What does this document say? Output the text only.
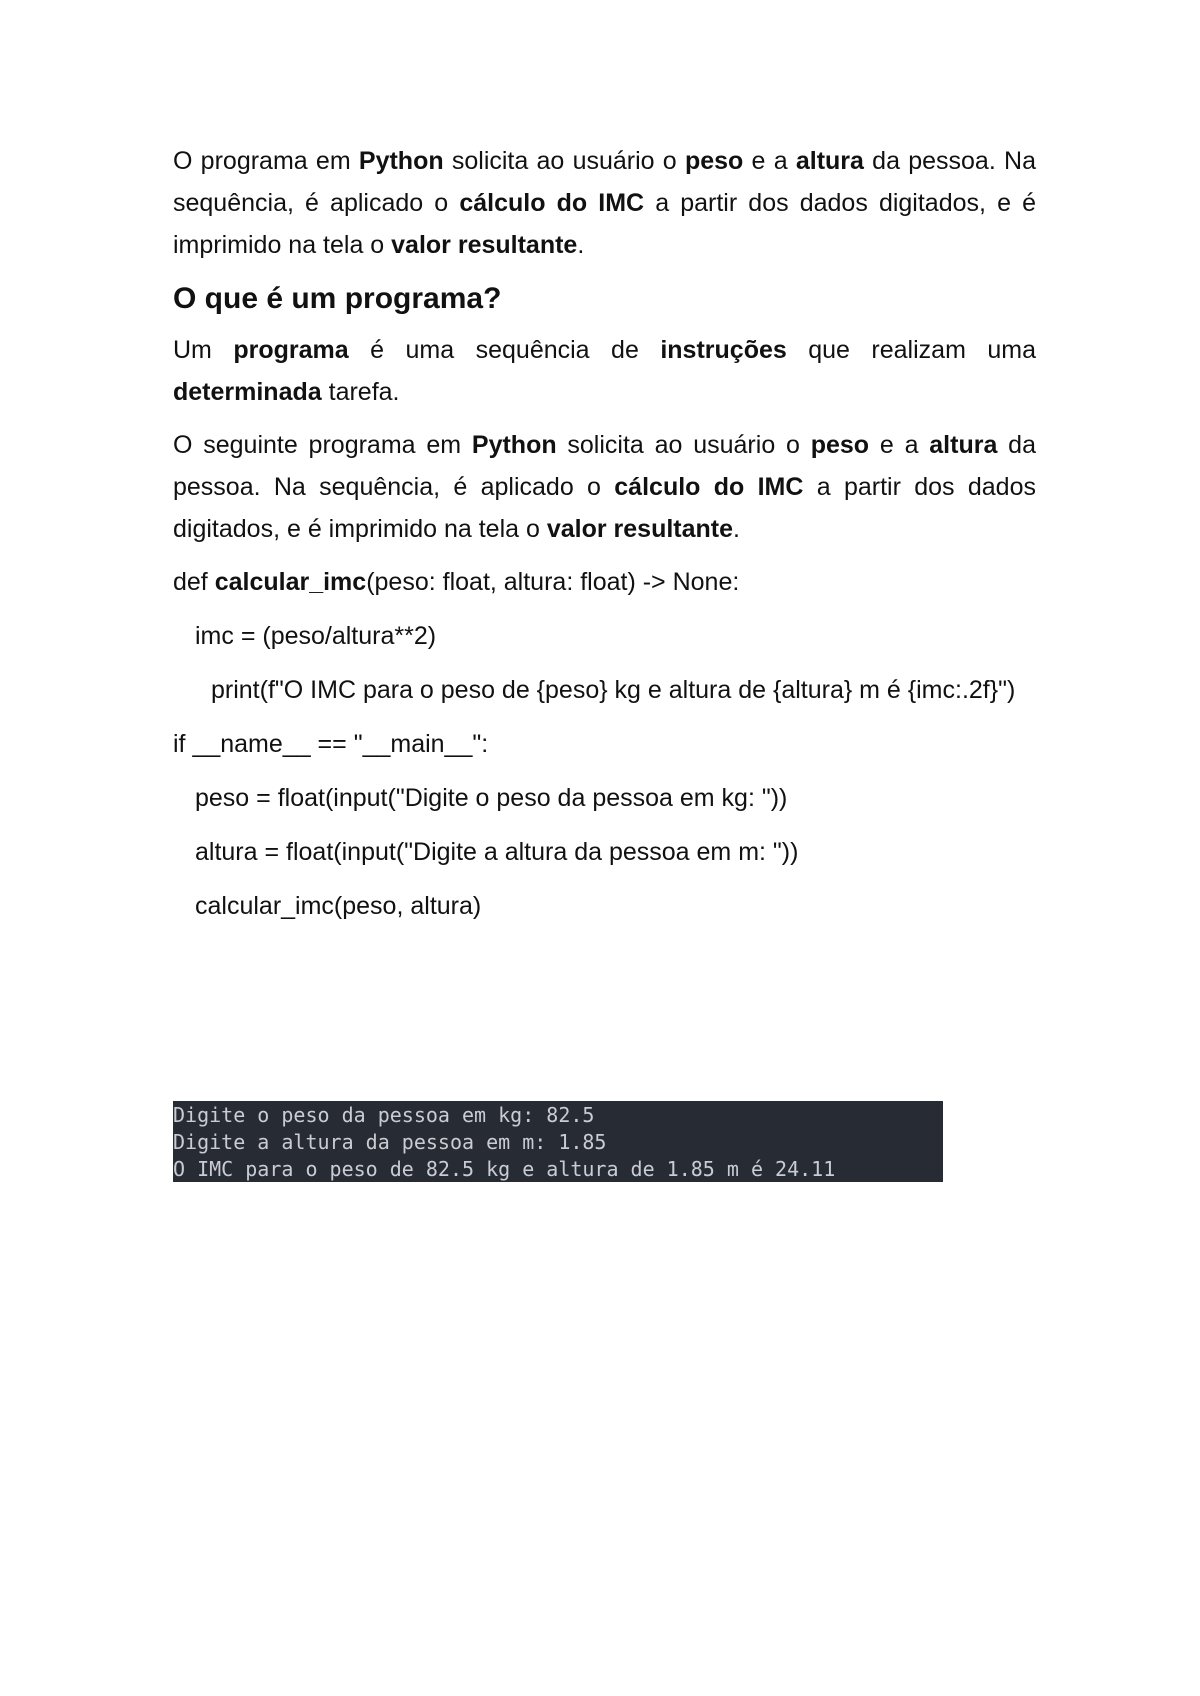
O programa em Python solicita ao usuário o peso e a altura da pessoa. Na sequência, é aplicado o cálculo do IMC a partir dos dados digitados, e é imprimido na tela o valor resultante.

O que é um programa?

Um programa é uma sequência de instruções que realizam uma determinada tarefa.

O seguinte programa em Python solicita ao usuário o peso e a altura da pessoa. Na sequência, é aplicado o cálculo do IMC a partir dos dados digitados, e é imprimido na tela o valor resultante.

def calcular_imc(peso: float, altura: float) -> None:

imc = (peso/altura**2)

print(f"O IMC para o peso de {peso} kg e altura de {altura} m é {imc:.2f}")

if __name__ == "__main__":

peso = float(input("Digite o peso da pessoa em kg: "))

altura = float(input("Digite a altura da pessoa em m: "))

calcular_imc(peso, altura)

Digite o peso da pessoa em kg: 82.5
Digite a altura da pessoa em m: 1.85
O IMC para o peso de 82.5 kg e altura de 1.85 m é 24.11
